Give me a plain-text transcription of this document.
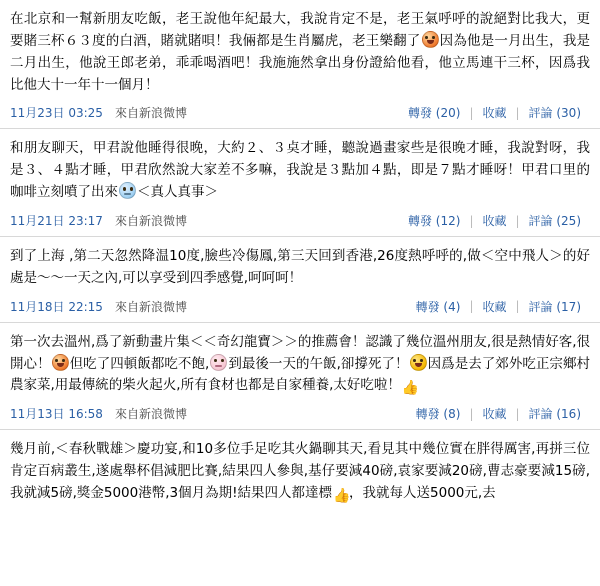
在北京和一幫新朋友吃飯，老王說他年紀最大，我說肯定不是，老王氣呼呼的說絕對比我大，更要賭三杯６３度的白酒，賭就賭唄！我倆都是生肖屬虎，老王樂翻了 因為他是一月出生，我是二月出生，他說王郎老弟，乖乖喝酒吧！我施施然拿出身份證給他看，他立馬連干三杯，因爲我比他大十一年十一個月！
11月23日 03:25 來自新浪微博	轉發 (20) | 收藏 | 評論 (30)
和朋友聊天，甲君說他睡得很晚，大約２、３奌才睡，聽說過畫家些是很晚才睡，我說對呀，我是３、４點才睡，甲君欣然說大家差不多嘛，我說是３點加４點，即是７點才睡呀！甲君口里的咖啡立刻噴了出來 ＜真人真事＞
11月21日 23:17 來自新浪微博	轉發 (12) | 收藏 | 評論 (25)
到了上海 ,第二天忽然降温10度,臉些冷傷鳳,第三天回到香港,26度熱呼呼的,做＜空中飛人＞的好處是～～一天之內,可以享受到四季感覺,呵呵呵！
11月18日 22:15 來自新浪微博	轉發 (4) | 收藏 | 評論 (17)
第一次去溫州,爲了新動畫片集＜＜奇幻龍寶＞＞的推薦會！認識了幾位溫州朋友,很是熱情好客,很開心！ 但吃了四頓飯都吃不飽, 到最後一天的午飯,卻撐死了！ 因爲是去了郊外吃正宗鄉村農家菜,用最傳統的柴火起火,所有食材也都是自家種養,太好吃啦！👍
11月13日 16:58 來自新浪微博	轉發 (8) | 收藏 | 評論 (16)
幾月前,＜春秋戰雄＞慶功宴,和10多位手足吃其火鍋聊其天,看見其中幾位實在胖得厲害,再拼三位肯定百病叢生,遂處舉杯倡減肥比賽,結果四人參與,基仔要減40磅,袁家要減20磅,曹志豪要減15磅,我就減5磅,獎金5000港幣,3個月為期!結果四人都達標 👍 ，我就每人送5000元,去
